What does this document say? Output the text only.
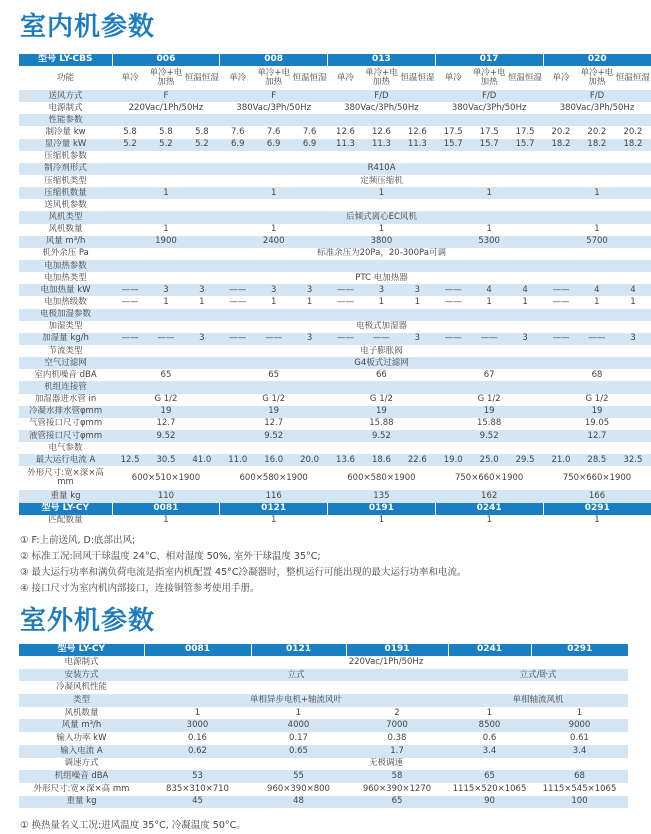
室内机参数
型号 LY-CBS	006			008			013			017			020		
功能	单冷	单冷+电加热	恒温恒湿	单冷	单冷+电加热	恒温恒湿	单冷	单冷+电加热	恒温恒湿	单冷	单冷+电加热	恒温恒湿	单冷	单冷+电加热	恒温恒湿
送风方式	F			F			F/D			F/D			F/D		
电源制式	220Vac/1Ph/50Hz			380Vac/3Ph/50Hz			380Vac/3Ph/50Hz			380Vac/3Ph/50Hz			380Vac/3Ph/50Hz		
性能参数															
制冷量 kw	5.8	5.8	5.8	7.6	7.6	7.6	12.6	12.6	12.6	17.5	17.5	17.5	20.2	20.2	20.2
显冷量 kW	5.2	5.2	5.2	6.9	6.9	6.9	11.3	11.3	11.3	15.7	15.7	15.7	18.2	18.2	18.2
压缩机参数															
制冷剂形式	R410A														
压缩机类型	定频压缩机														
压缩机数量	1			1			1			1			1		
送风机参数															
风机类型	后倾式离心EC风机														
风机数量	1			1			1			1			1		
风量 m³/h	1900			2400			3800			5300			5700		
机外余压 Pa	标准余压为20Pa，20-300Pa可调														
电加热参数															
电加热类型	PTC 电加热器														
电加热量 kW	——	3	3	——	3	3	——	3	3	——	4	4	——	4	4
电加热级数	——	1	1	——	1	1	——	1	1	——	1	1	——	1	1
电极加湿参数															
加湿类型	电极式加湿器														
加湿量 kg/h	——	——	3	——	——	3	——	——	3	——	——	3	——	——	3
节流类型	电子膨胀阀														
空气过滤网	G4板式过滤网														
室内机噪音 dBA	65			65			66			67			68		
机组连接管															
加湿器进水管 in	G 1/2			G 1/2			G 1/2			G 1/2			G 1/2		
冷凝水排水管φmm	19			19			19			19			19		
气管接口尺寸φmm	12.7			12.7			15.88			15.88			19.05		
液管接口尺寸φmm	9.52			9.52			9.52			9.52			12.7		
电气参数															
最大运行电流 A	12.5	30.5	41.0	11.0	16.0	20.0	13.6	18.6	22.6	19.0	25.0	29.5	21.0	28.5	32.5
外形尺寸:宽×深×高 mm	600×510×1900			600×580×1900			600×580×1900			750×660×1900			750×660×1900		
重量 kg	110			116			135			162			166		
型号 LY-CY	0081			0121			0191			0241			0291		
匹配数量	1			1			1			1			1		
① F:上前送风, D:底部出风;
② 标准工况:回风干球温度 24°C、相对湿度 50%, 室外干球温度 35°C;
③ 最大运行功率和满负荷电流是指室内机配置 45°C冷凝器时，整机运行可能出现的最大运行功率和电流。
④ 接口尺寸为室内机内部接口，连接铜管参考使用手册。
室外机参数
型号 LY-CY	0081	0121	0191	0241	0291
电源制式	220Vac/1Ph/50Hz				
安装方式	立式			立式/卧式	
冷凝风机性能					
类型	单相异步电机+轴流风叶			单相轴流风机	
风机数量	1	1	2	1	1
风量 m³/h	3000	4000	7000	8500	9000
输入功率 kW	0.16	0.17	0.38	0.6	0.61
输入电流 A	0.62	0.65	1.7	3.4	3.4
调速方式	无极调速				
机组噪音 dBA	53	55	58	65	68
外形尺寸:宽×深×高 mm	835×310×710	960×390×800	960×390×1270	1115×520×1065	1115×545×1065
重量 kg	45	48	65	90	100
① 换热量名义工况:进风温度 35°C, 冷凝温度 50°C。
